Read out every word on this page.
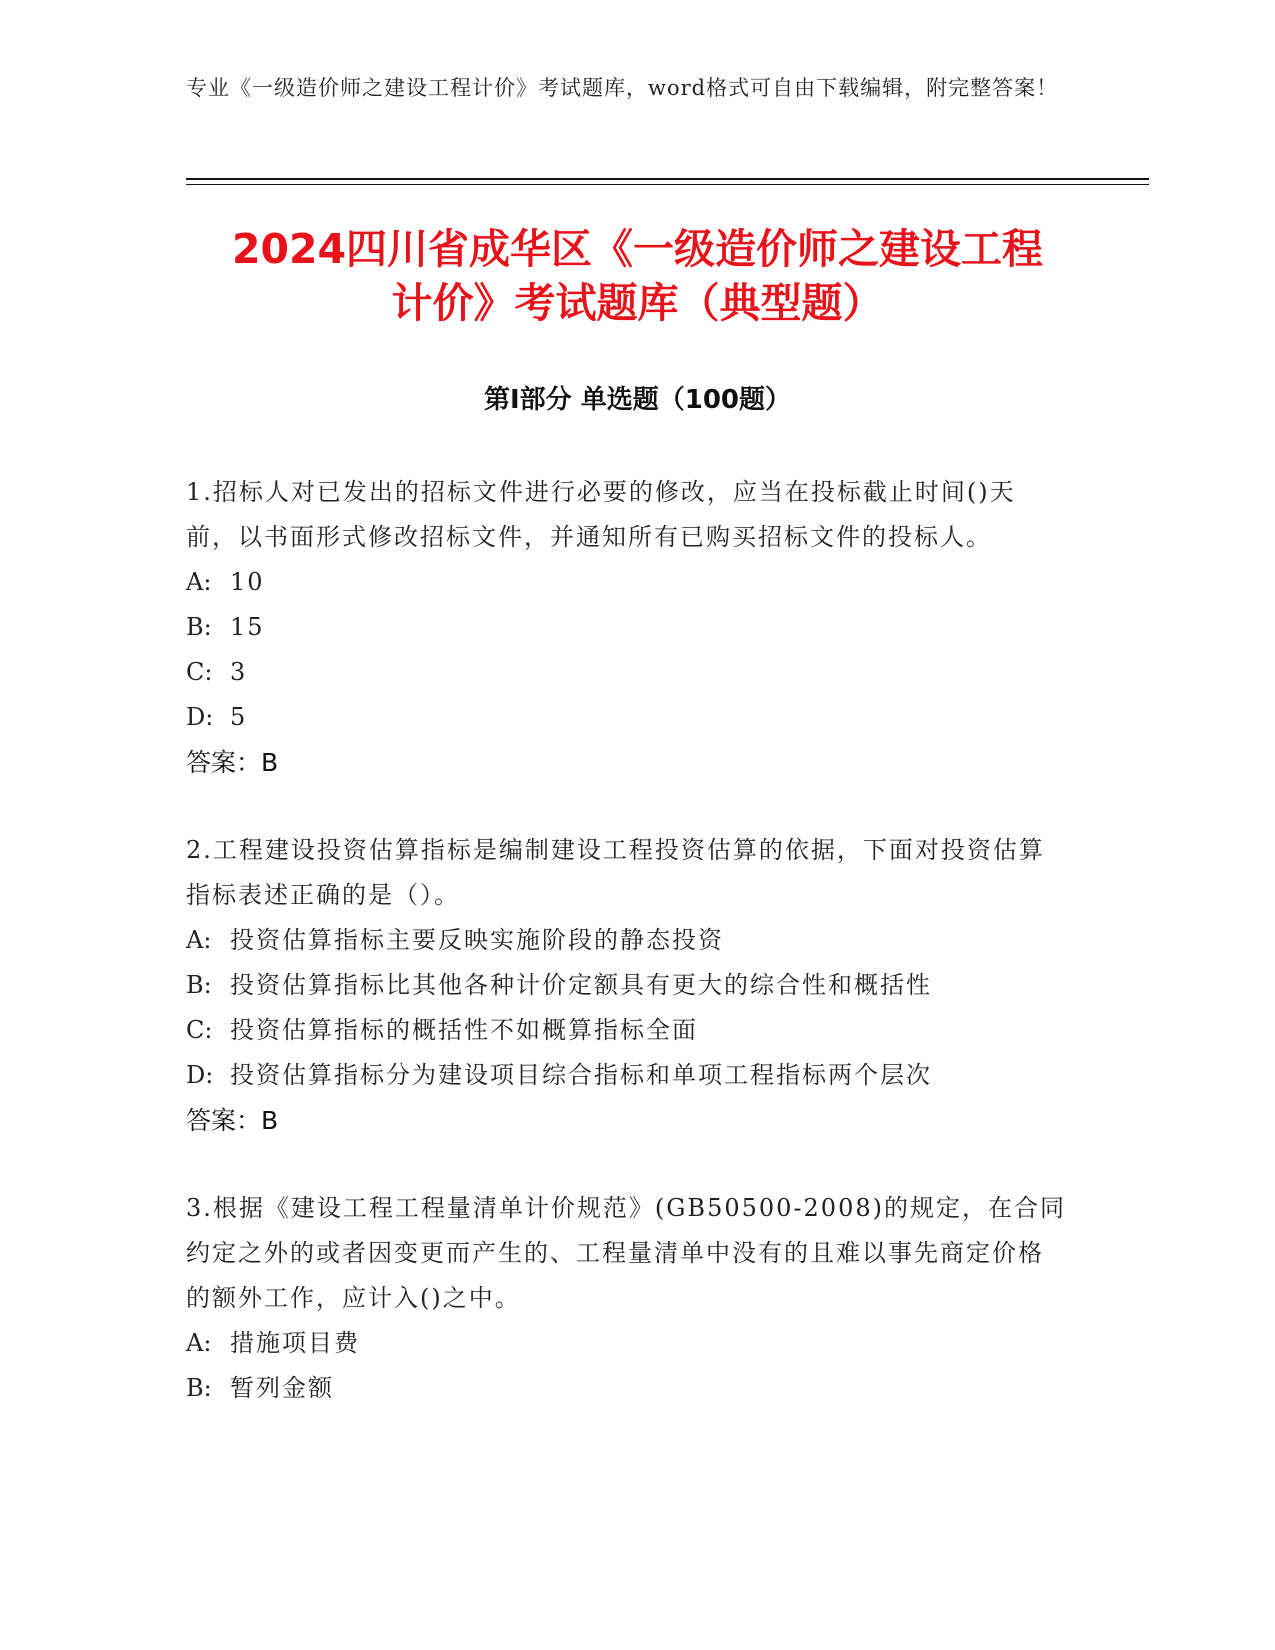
专业《一级造价师之建设工程计价》考试题库，word格式可自由下载编辑，附完整答案！
2024四川省成华区《一级造价师之建设工程
计价》考试题库（典型题）
第I部分 单选题（100题）

1.招标人对已发出的招标文件进行必要的修改，应当在投标截止时间()天前，以书面形式修改招标文件，并通知所有已购买招标文件的投标人。

A: 10

B: 15

C: 3

D: 5

答案：B

2.工程建设投资估算指标是编制建设工程投资估算的依据，下面对投资估算指标表述正确的是（）。

A: 投资估算指标主要反映实施阶段的静态投资

B: 投资估算指标比其他各种计价定额具有更大的综合性和概括性

C: 投资估算指标的概括性不如概算指标全面

D: 投资估算指标分为建设项目综合指标和单项工程指标两个层次

答案：B

3.根据《建设工程工程量清单计价规范》(GB50500-2008)的规定，在合同约定之外的或者因变更而产生的、工程量清单中没有的且难以事先商定价格的额外工作，应计入()之中。

A: 措施项目费

B: 暂列金额
